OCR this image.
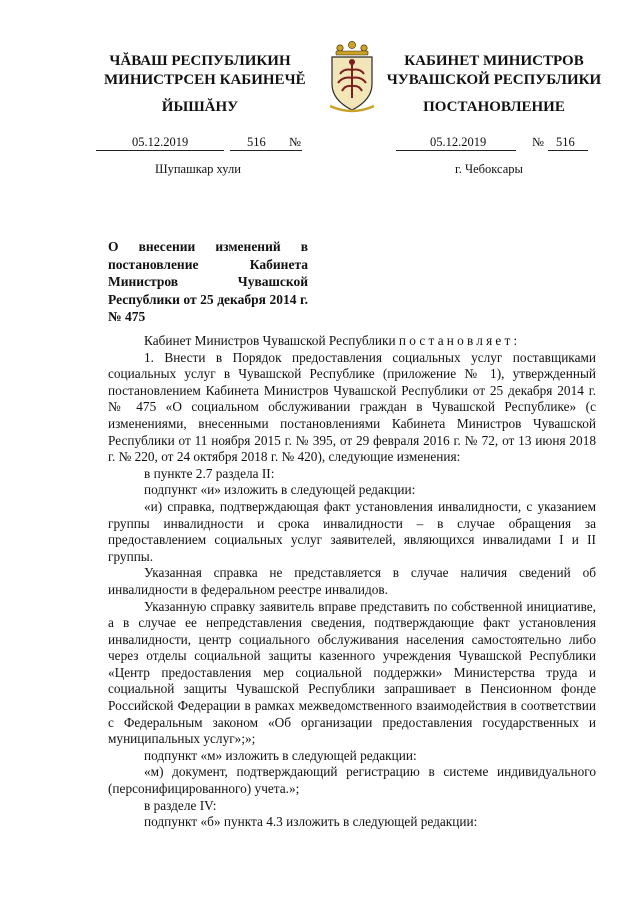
ЧĂВАШ РЕСПУБЛИКИН
МИНИСТРСЕН КАБИНЕЧĚ
ЙЫШĂНУ
КАБИНЕТ МИНИСТРОВ
ЧУВАШСКОЙ РЕСПУБЛИКИ
ПОСТАНОВЛЕНИЕ
05.12.2019	516 №	05.12.2019	№ 516
Шупашкар хули	г. Чебоксары
О внесении изменений в постановление Кабинета Министров Чувашской Республики от 25 декабря 2014 г. № 475

Кабинет Министров Чувашской Республики постановляет:

1. Внести в Порядок предоставления социальных услуг поставщиками социальных услуг в Чувашской Республике (приложение № 1), утвержденный постановлением Кабинета Министров Чувашской Республики от 25 декабря 2014 г. № 475 «О социальном обслуживании граждан в Чувашской Республике» (с изменениями, внесенными постановлениями Кабинета Министров Чувашской Республики от 11 ноября 2015 г. № 395, от 29 февраля 2016 г. № 72, от 13 июня 2018 г. № 220, от 24 октября 2018 г. № 420), следующие изменения:

в пункте 2.7 раздела II:

подпункт «и» изложить в следующей редакции:

«и) справка, подтверждающая факт установления инвалидности, с указанием группы инвалидности и срока инвалидности – в случае обращения за предоставлением социальных услуг заявителей, являющихся инвалидами I и II группы.

Указанная справка не представляется в случае наличия сведений об инвалидности в федеральном реестре инвалидов.

Указанную справку заявитель вправе представить по собственной инициативе, а в случае ее непредставления сведения, подтверждающие факт установления инвалидности, центр социального обслуживания населения самостоятельно либо через отделы социальной защиты казенного учреждения Чувашской Республики «Центр предоставления мер социальной поддержки» Министерства труда и социальной защиты Чувашской Республики запрашивает в Пенсионном фонде Российской Федерации в рамках межведомственного взаимодействия в соответствии с Федеральным законом «Об организации предоставления государственных и муниципальных услуг»;»;

подпункт «м» изложить в следующей редакции:

«м) документ, подтверждающий регистрацию в системе индивидуального (персонифицированного) учета.»;

в разделе IV:

подпункт «б» пункта 4.3 изложить в следующей редакции:
